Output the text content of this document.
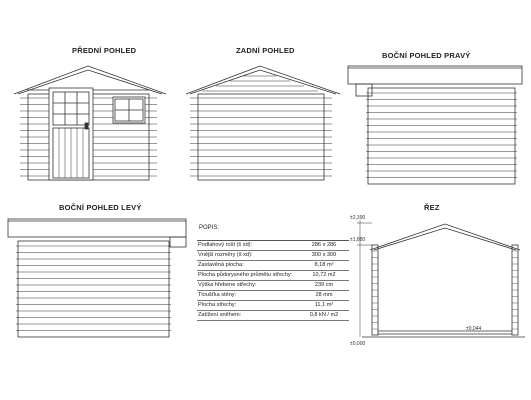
PŘEDNÍ POHLED	ZADNÍ POHLED
BOČNÍ POHLED PRAVÝ
BOČNÍ POHLED LEVÝ	ŘEZ
±2,390
±1,880
±0,044
±0,000
POPIS:
Podlahový rošt (š xd):	286 x 286
Vnější rozměry (š xd):	300 x 300
Zastavěná plocha:	8,18 m²
Plocha půdorysného průmětu střechy:	10,72 m2
Výška hřebene střechy:	239 cm
Tloušťka stěny:	28 mm
Plocha střechy:	11,1 m²
Zatížení sněhem:	0,8 kN / m2
